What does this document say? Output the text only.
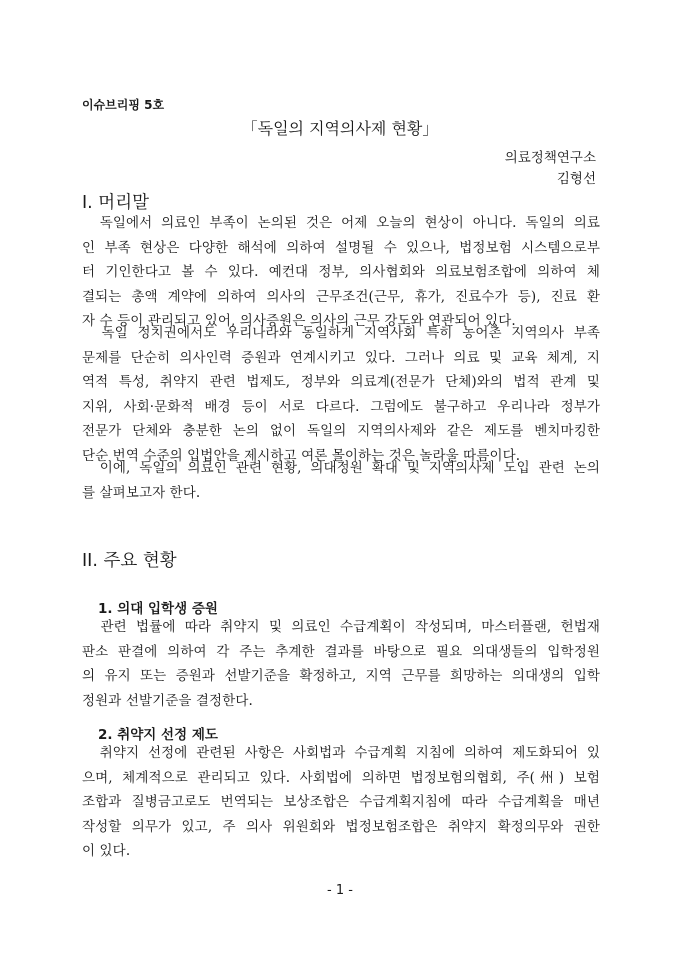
이슈브리핑 5호
「독일의 지역의사제 현황」
의료정책연구소
김형선
I. 머리말
독일에서 의료인 부족이 논의된 것은 어제 오늘의 현상이 아니다. 독일의 의료
인 부족 현상은 다양한 해석에 의하여 설명될 수 있으나, 법정보험 시스템으로부
터 기인한다고 볼 수 있다. 예컨대 정부, 의사협회와 의료보험조합에 의하여 체
결되는 총액 계약에 의하여 의사의 근무조건(근무, 휴가, 진료수가 등), 진료 환
자 수 등이 관리되고 있어, 의사증원은 의사의 근무 강도와 연관되어 있다.
독일 정치권에서도 우리나라와 동일하게 지역사회 특히 농어촌 지역의사 부족
문제를 단순히 의사인력 증원과 연계시키고 있다. 그러나 의료 및 교육 체계, 지
역적 특성, 취약지 관련 법제도, 정부와 의료계(전문가 단체)와의 법적 관계 및
지위, 사회·문화적 배경 등이 서로 다르다. 그럼에도 불구하고 우리나라 정부가
전문가 단체와 충분한 논의 없이 독일의 지역의사제와 같은 제도를 벤치마킹한
단순 번역 수준의 입법안을 제시하고 여론 몰이하는 것은 놀라울 따름이다.
이에, 독일의 의료인 관련 현황, 의대정원 확대 및 지역의사제 도입 관련 논의
를 살펴보고자 한다.
II. 주요 현황
1. 의대 입학생 증원
관련 법률에 따라 취약지 및 의료인 수급계획이 작성되며, 마스터플랜, 헌법재
판소 판결에 의하여 각 주는 추계한 결과를 바탕으로 필요 의대생들의 입학정원
의 유지 또는 증원과 선발기준을 확정하고, 지역 근무를 희망하는 의대생의 입학
정원과 선발기준을 결정한다.
2. 취약지 선정 제도
취약지 선정에 관련된 사항은 사회법과 수급계획 지침에 의하여 제도화되어 있
으며, 체계적으로 관리되고 있다. 사회법에 의하면 법정보험의협회, 주(州) 보험
조합과 질병금고로도 번역되는 보상조합은 수급계획지침에 따라 수급계획을 매년
작성할 의무가 있고, 주 의사 위원회와 법정보험조합은 취약지 확정의무와 권한
이 있다.
- 1 -
